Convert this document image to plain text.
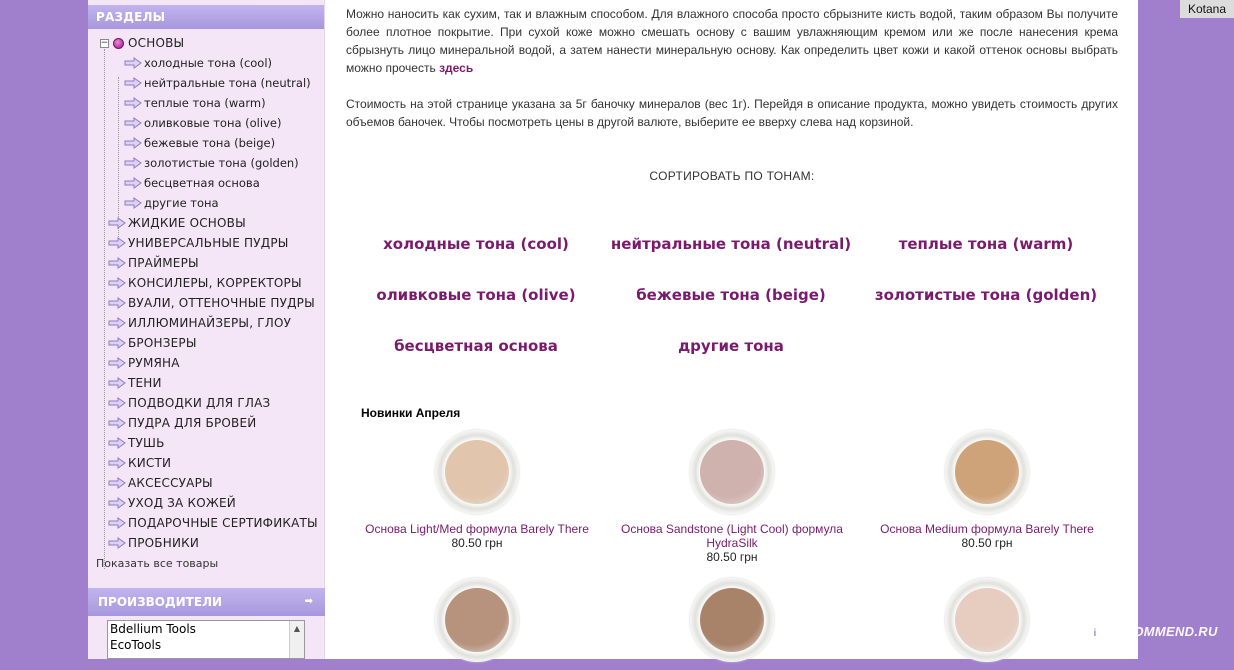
РАЗДЕЛЫ
− ОСНОВЫ
холодные тона (cool)
нейтральные тона (neutral)
теплые тона (warm)
оливковые тона (olive)
бежевые тона (beige)
золотистые тона (golden)
бесцветная основа
другие тона
ЖИДКИЕ ОСНОВЫ
УНИВЕРСАЛЬНЫЕ ПУДРЫ
ПРАЙМЕРЫ
КОНСИЛЕРЫ, КОРРЕКТОРЫ
ВУАЛИ, ОТТЕНОЧНЫЕ ПУДРЫ
ИЛЛЮМИНАЙЗЕРЫ, ГЛОУ
БРОНЗЕРЫ
РУМЯНА
ТЕНИ
ПОДВОДКИ ДЛЯ ГЛАЗ
ПУДРА ДЛЯ БРОВЕЙ
ТУШЬ
КИСТИ
АКСЕССУАРЫ
УХОД ЗА КОЖЕЙ
ПОДАРОЧНЫЕ СЕРТИФИКАТЫ
ПРОБНИКИ
Показать все товары
ПРОИЗВОДИТЕЛИ	➡
Bdellium Tools
EcoTools
▲
Можно наносить как сухим, так и влажным способом. Для влажного способа просто сбрызните кисть водой, таким образом Вы получите более плотное покрытие. При сухой коже можно смешать основу с вашим увлажняющим кремом или же после нанесения крема сбрызнуть лицо минеральной водой, а затем нанести минеральную основу. Как определить цвет кожи и какой оттенок основы выбрать можно прочесть здесь
Стоимость на этой странице указана за 5г баночку минералов (вес 1г). Перейдя в описание продукта, можно увидеть стоимость других объемов баночек. Чтобы посмотреть цены в другой валюте, выберите ее вверху слева над корзиной.
СОРТИРОВАТЬ ПО ТОНАМ:
холодные тона (cool)	нейтральные тона (neutral)	теплые тона (warm)
оливковые тона (olive)	бежевые тона (beige)	золотистые тона (golden)
бесцветная основа	другие тона
Новинки Апреля
Основа Light/Med формула Barely There
80.50 грн
Основа Sandstone (Light Cool) формула HydraSilk
80.50 грн
Основа Medium формула Barely There
80.50 грн
Kotana
i RECOMMEND.RU
